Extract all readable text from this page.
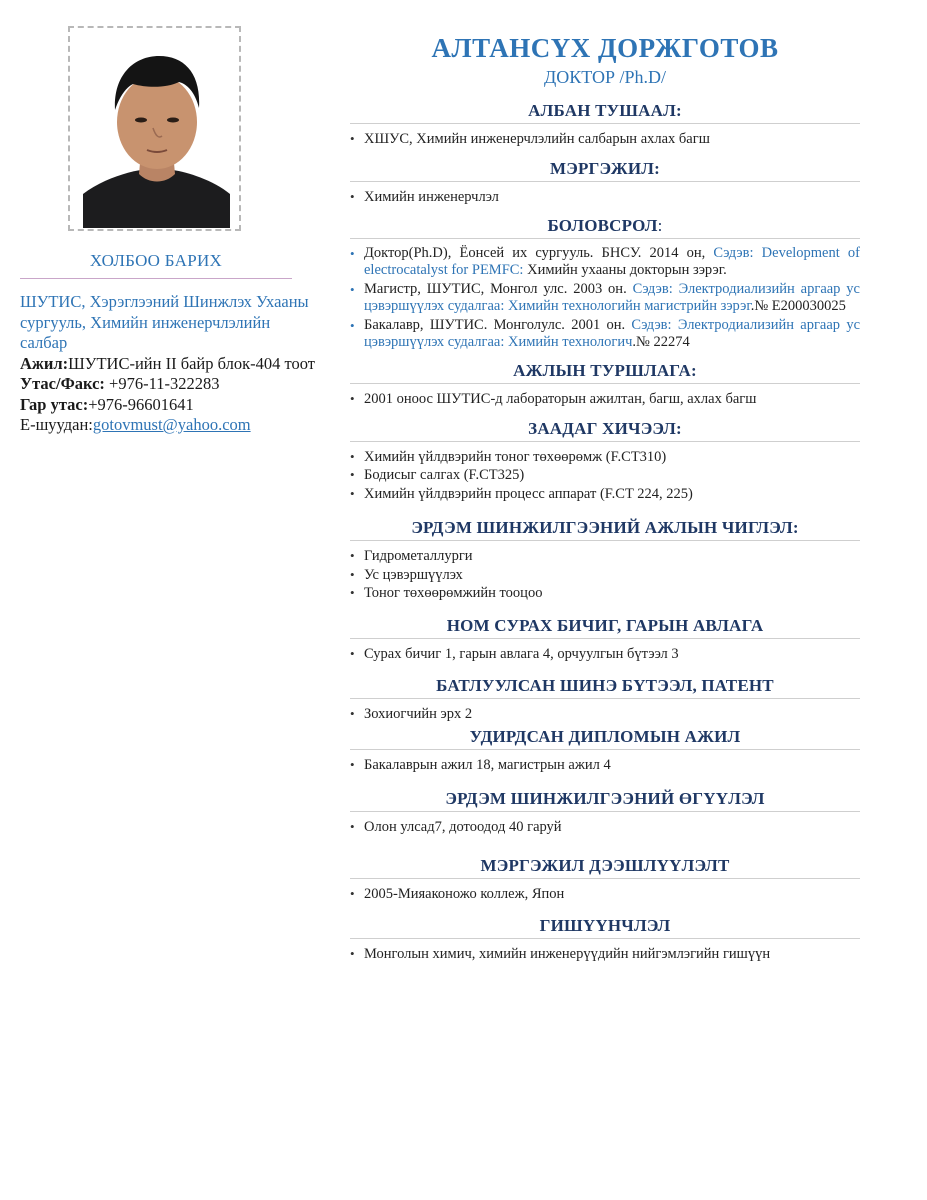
ХОЛБОО БАРИХ
ШУТИС, Хэрэглээний Шинжлэх Ухааны сургууль, Химийн инженерчлэлийн салбар
Ажил:ШУТИС-ийн II байр блок-404 тоот
Утас/Факс: +976-11-322283
Гар утас:+976-96601641
Е-шуудан:gotovmust@yahoo.com
АЛТАНСҮХ ДОРЖГОТОВ

ДОКТОР /Ph.D/

АЛБАН ТУШААЛ:
• ХШУС, Химийн инженерчлэлийн салбарын ахлах багш
МЭРГЭЖИЛ:
• Химийн инженерчлэл
БОЛОВСРОЛ:
• Доктор(Ph.D), Ёонсей их сургууль. БНСУ. 2014 он, Сэдэв: Development of electrocatalyst for PEMFC: Химийн ухааны докторын зэрэг.
• Магистр, ШУТИС, Монгол улс. 2003 он. Сэдэв: Электродиализийн аргаар ус цэвэршүүлэх судалгаа: Химийн технологийн магистрийн зэрэг.№ E200030025
• Бакалавр, ШУТИС. Монголулс. 2001 он. Сэдэв: Электродиализийн аргаар ус цэвэршүүлэх судалгаа: Химийн технологич.№ 22274
АЖЛЫН ТУРШЛАГА:
• 2001 оноос ШУТИС-д лабораторын ажилтан, багш, ахлах багш
ЗААДАГ ХИЧЭЭЛ:
• Химийн үйлдвэрийн тоног төхөөрөмж (F.CT310)
• Бодисыг салгах (F.CT325)
• Химийн үйлдвэрийн процесс аппарат (F.CT 224, 225)
ЭРДЭМ ШИНЖИЛГЭЭНИЙ АЖЛЫН ЧИГЛЭЛ:
• Гидрометаллурги
• Ус цэвэршүүлэх
• Тоног төхөөрөмжийн тооцоо
НОМ СУРАХ БИЧИГ, ГАРЫН АВЛАГА
• Сурах бичиг 1, гарын авлага 4, орчуулгын бүтээл 3
БАТЛУУЛСАН ШИНЭ БҮТЭЭЛ, ПАТЕНТ
• Зохиогчийн эрх 2
УДИРДСАН ДИПЛОМЫН АЖИЛ
• Бакалаврын ажил 18, магистрын ажил 4
ЭРДЭМ ШИНЖИЛГЭЭНИЙ ӨГҮҮЛЭЛ
• Олон улсад7, дотоодод 40 гаруй
МЭРГЭЖИЛ ДЭЭШЛҮҮЛЭЛТ
• 2005-Мияаконожо коллеж, Япон
ГИШҮҮНЧЛЭЛ
• Монголын химич, химийн инженерүүдийн нийгэмлэгийн гишүүн
